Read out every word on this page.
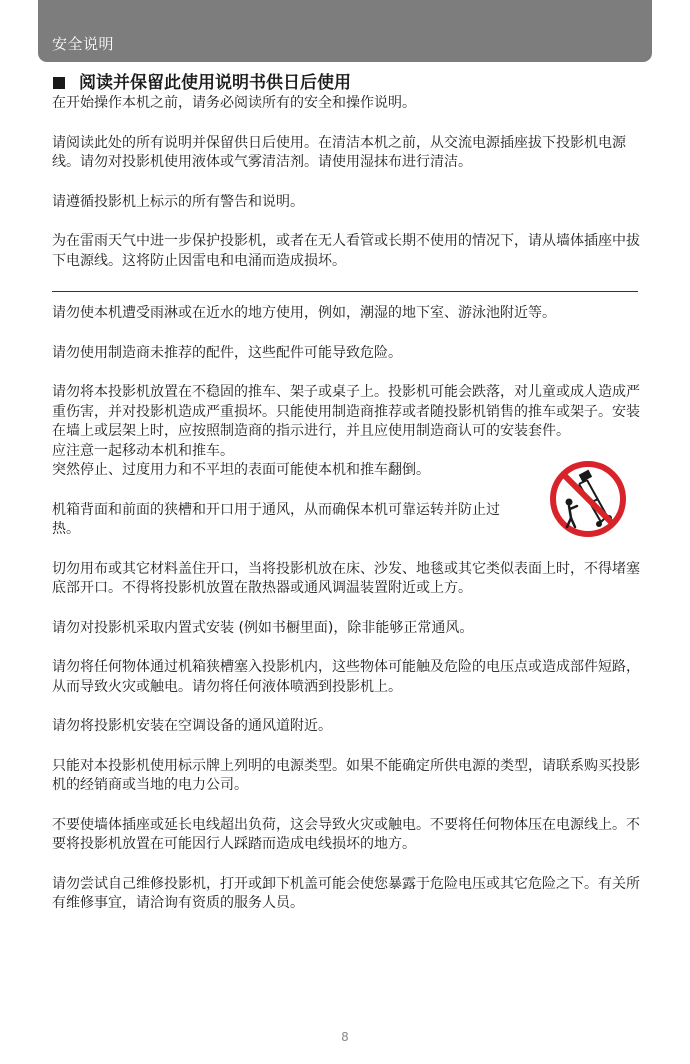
安全说明
阅读并保留此使用说明书供日后使用

在开始操作本机之前，请务必阅读所有的安全和操作说明。

请阅读此处的所有说明并保留供日后使用。在清洁本机之前，从交流电源插座拔下投影机电源线。请勿对投影机使用液体或气雾清洁剂。请使用湿抹布进行清洁。

请遵循投影机上标示的所有警告和说明。

为在雷雨天气中进一步保护投影机，或者在无人看管或长期不使用的情况下，请从墙体插座中拔下电源线。这将防止因雷电和电涌而造成损坏。

请勿使本机遭受雨淋或在近水的地方使用，例如，潮湿的地下室、游泳池附近等。

请勿使用制造商未推荐的配件，这些配件可能导致危险。

请勿将本投影机放置在不稳固的推车、架子或桌子上。投影机可能会跌落，对儿童或成人造成严重伤害，并对投影机造成严重损坏。只能使用制造商推荐或者随投影机销售的推车或架子。安装在墙上或层架上时，应按照制造商的指示进行，并且应使用制造商认可的安装套件。

应注意一起移动本机和推车。

突然停止、过度用力和不平坦的表面可能使本机和推车翻倒。

机箱背面和前面的狭槽和开口用于通风，从而确保本机可靠运转并防止过热。

切勿用布或其它材料盖住开口，当将投影机放在床、沙发、地毯或其它类似表面上时，不得堵塞底部开口。不得将投影机放置在散热器或通风调温装置附近或上方。

请勿对投影机采取内置式安装 (例如书橱里面)，除非能够正常通风。

请勿将任何物体通过机箱狭槽塞入投影机内，这些物体可能触及危险的电压点或造成部件短路，从而导致火灾或触电。请勿将任何液体喷洒到投影机上。

请勿将投影机安装在空调设备的通风道附近。

只能对本投影机使用标示牌上列明的电源类型。如果不能确定所供电源的类型，请联系购买投影机的经销商或当地的电力公司。

不要使墙体插座或延长电线超出负荷，这会导致火灾或触电。不要将任何物体压在电源线上。不要将投影机放置在可能因行人踩踏而造成电线损坏的地方。

请勿尝试自己维修投影机，打开或卸下机盖可能会使您暴露于危险电压或其它危险之下。有关所有维修事宜，请洽询有资质的服务人员。

8
